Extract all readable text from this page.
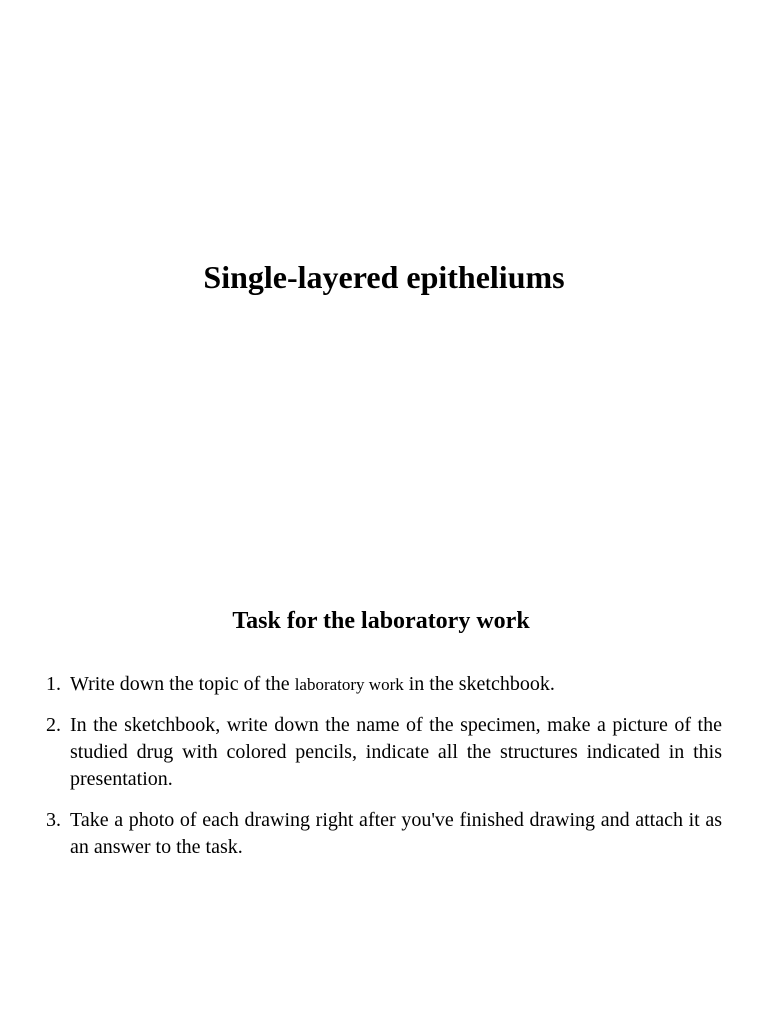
Single-layered epitheliums
Task for the laboratory work
1. Write down the topic of the laboratory work in the sketchbook.
2. In the sketchbook, write down the name of the specimen, make a picture of the studied drug with colored pencils, indicate all the structures indicated in this presentation.
3. Take a photo of each drawing right after you've finished drawing and attach it as an answer to the task.
